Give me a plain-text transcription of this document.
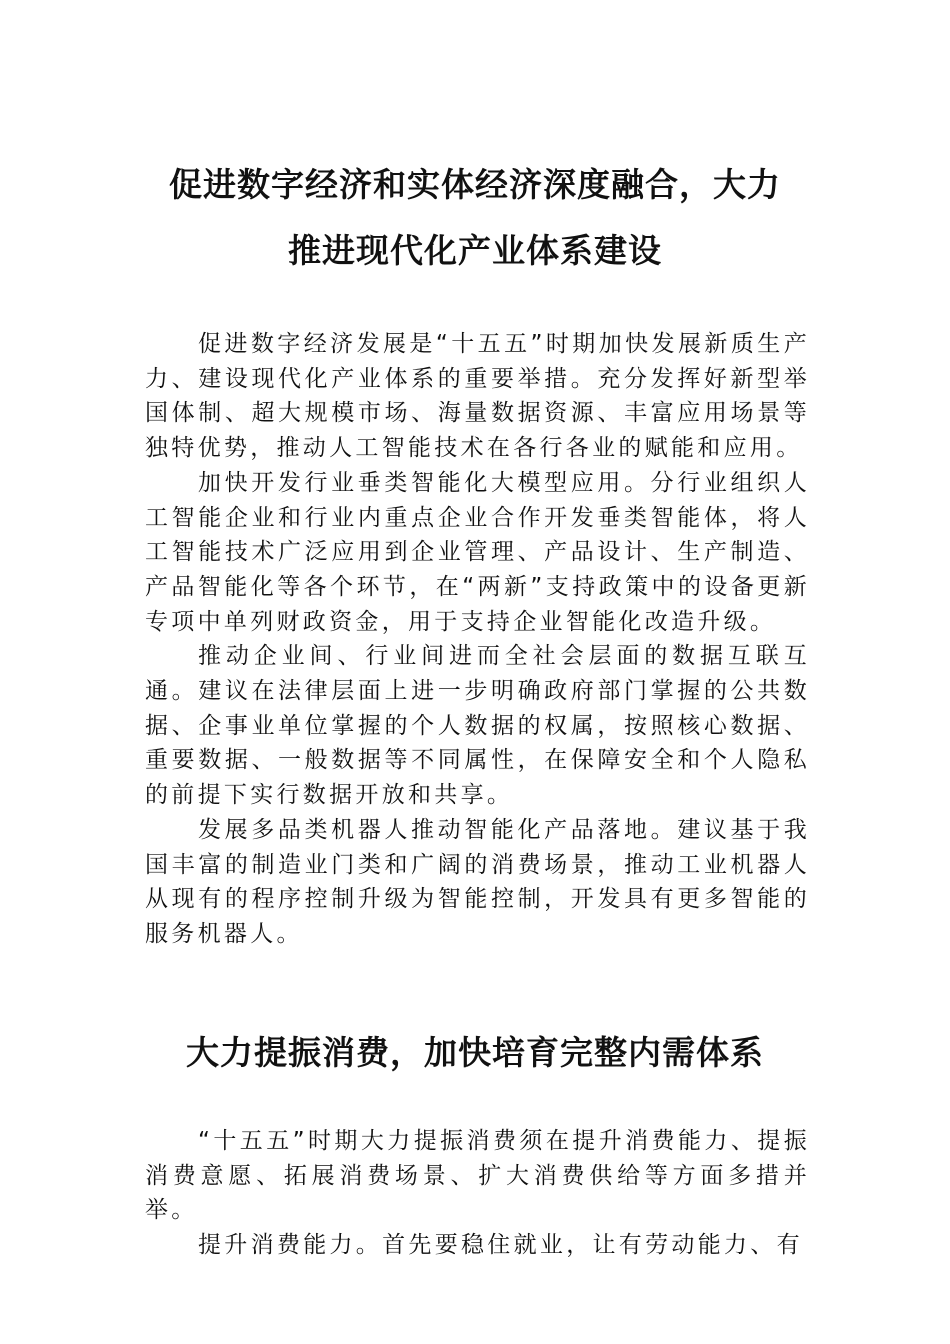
促进数字经济和实体经济深度融合，大力
推进现代化产业体系建设

促进数字经济发展是“十五五”时期加快发展新质生产力、建设现代化产业体系的重要举措。充分发挥好新型举国体制、超大规模市场、海量数据资源、丰富应用场景等独特优势，推动人工智能技术在各行各业的赋能和应用。

加快开发行业垂类智能化大模型应用。分行业组织人工智能企业和行业内重点企业合作开发垂类智能体，将人工智能技术广泛应用到企业管理、产品设计、生产制造、产品智能化等各个环节，在“两新”支持政策中的设备更新专项中单列财政资金，用于支持企业智能化改造升级。

推动企业间、行业间进而全社会层面的数据互联互通。建议在法律层面上进一步明确政府部门掌握的公共数据、企事业单位掌握的个人数据的权属，按照核心数据、重要数据、一般数据等不同属性，在保障安全和个人隐私的前提下实行数据开放和共享。

发展多品类机器人推动智能化产品落地。建议基于我国丰富的制造业门类和广阔的消费场景，推动工业机器人从现有的程序控制升级为智能控制，开发具有更多智能的服务机器人。

大力提振消费，加快培育完整内需体系

“十五五”时期大力提振消费须在提升消费能力、提振消费意愿、拓展消费场景、扩大消费供给等方面多措并举。

提升消费能力。首先要稳住就业，让有劳动能力、有
